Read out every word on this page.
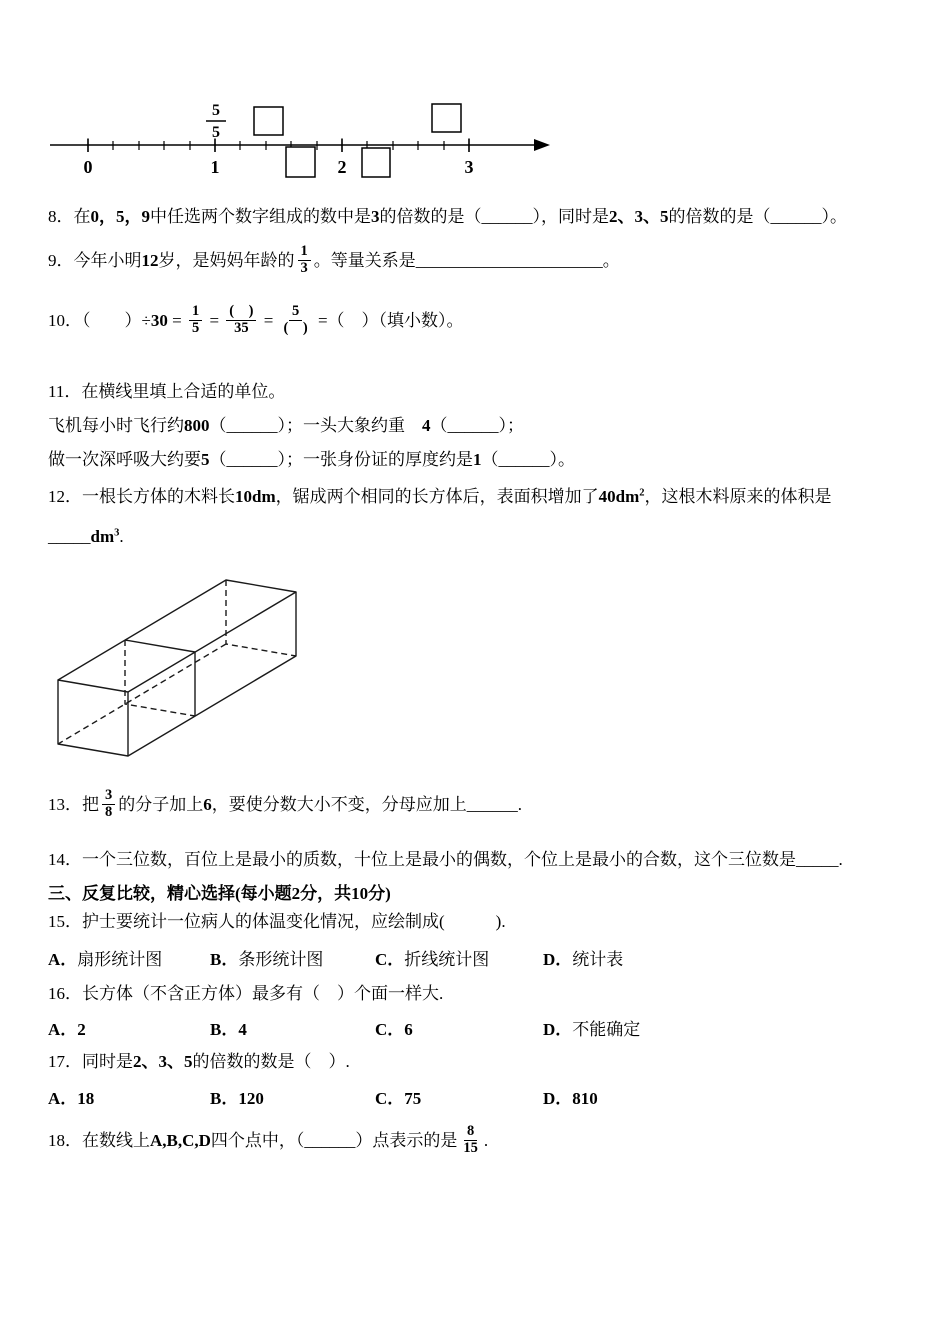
0	1	2	3
5
5
8．在0，5，9中任选两个数字组成的数中是3的倍数的是（______），同时是2、3、5的倍数的是（______）。
9．今年小明12岁，是妈妈年龄的 $\frac{1}{3}$ 。等量关系是______________________。
10．（　　）$\div 30 = \frac{1}{5} = \frac{( )}{35} = \frac{5}{( )}$ =（　）（填小数）。
11．在横线里填上合适的单位。
飞机每小时飞行约800（______）；一头大象约重　4（______）；
做一次深呼吸大约要5（______）；一张身份证的厚度约是1（______）。
12．一根长方体的木料长10dm，锯成两个相同的长方体后，表面积增加了$40dm^2$，这根木料原来的体积是
$\_\_\_\_\_dm^3$.
13．把 $\frac{3}{8}$ 的分子加上6，要使分数大小不变，分母应加上______.
14．一个三位数，百位上是最小的质数，十位上是最小的偶数，个位上是最小的合数，这个三位数是_____.
三、反复比较，精心选择(每小题2分，共10分)
15．护士要统计一位病人的体温变化情况，应绘制成(　　　).
A．扇形统计图	B．条形统计图	C．折线统计图	D．统计表
16．长方体（不含正方体）最多有（　）个面一样大.
A．2	B．4	C．6	D．不能确定
17．同时是2、3、5的倍数的数是（　）.
A．18	B．120	C．75	D．810
18．在数线上A,B,C,D四个点中，（______）点表示的是 $\frac{8}{15}$ .
